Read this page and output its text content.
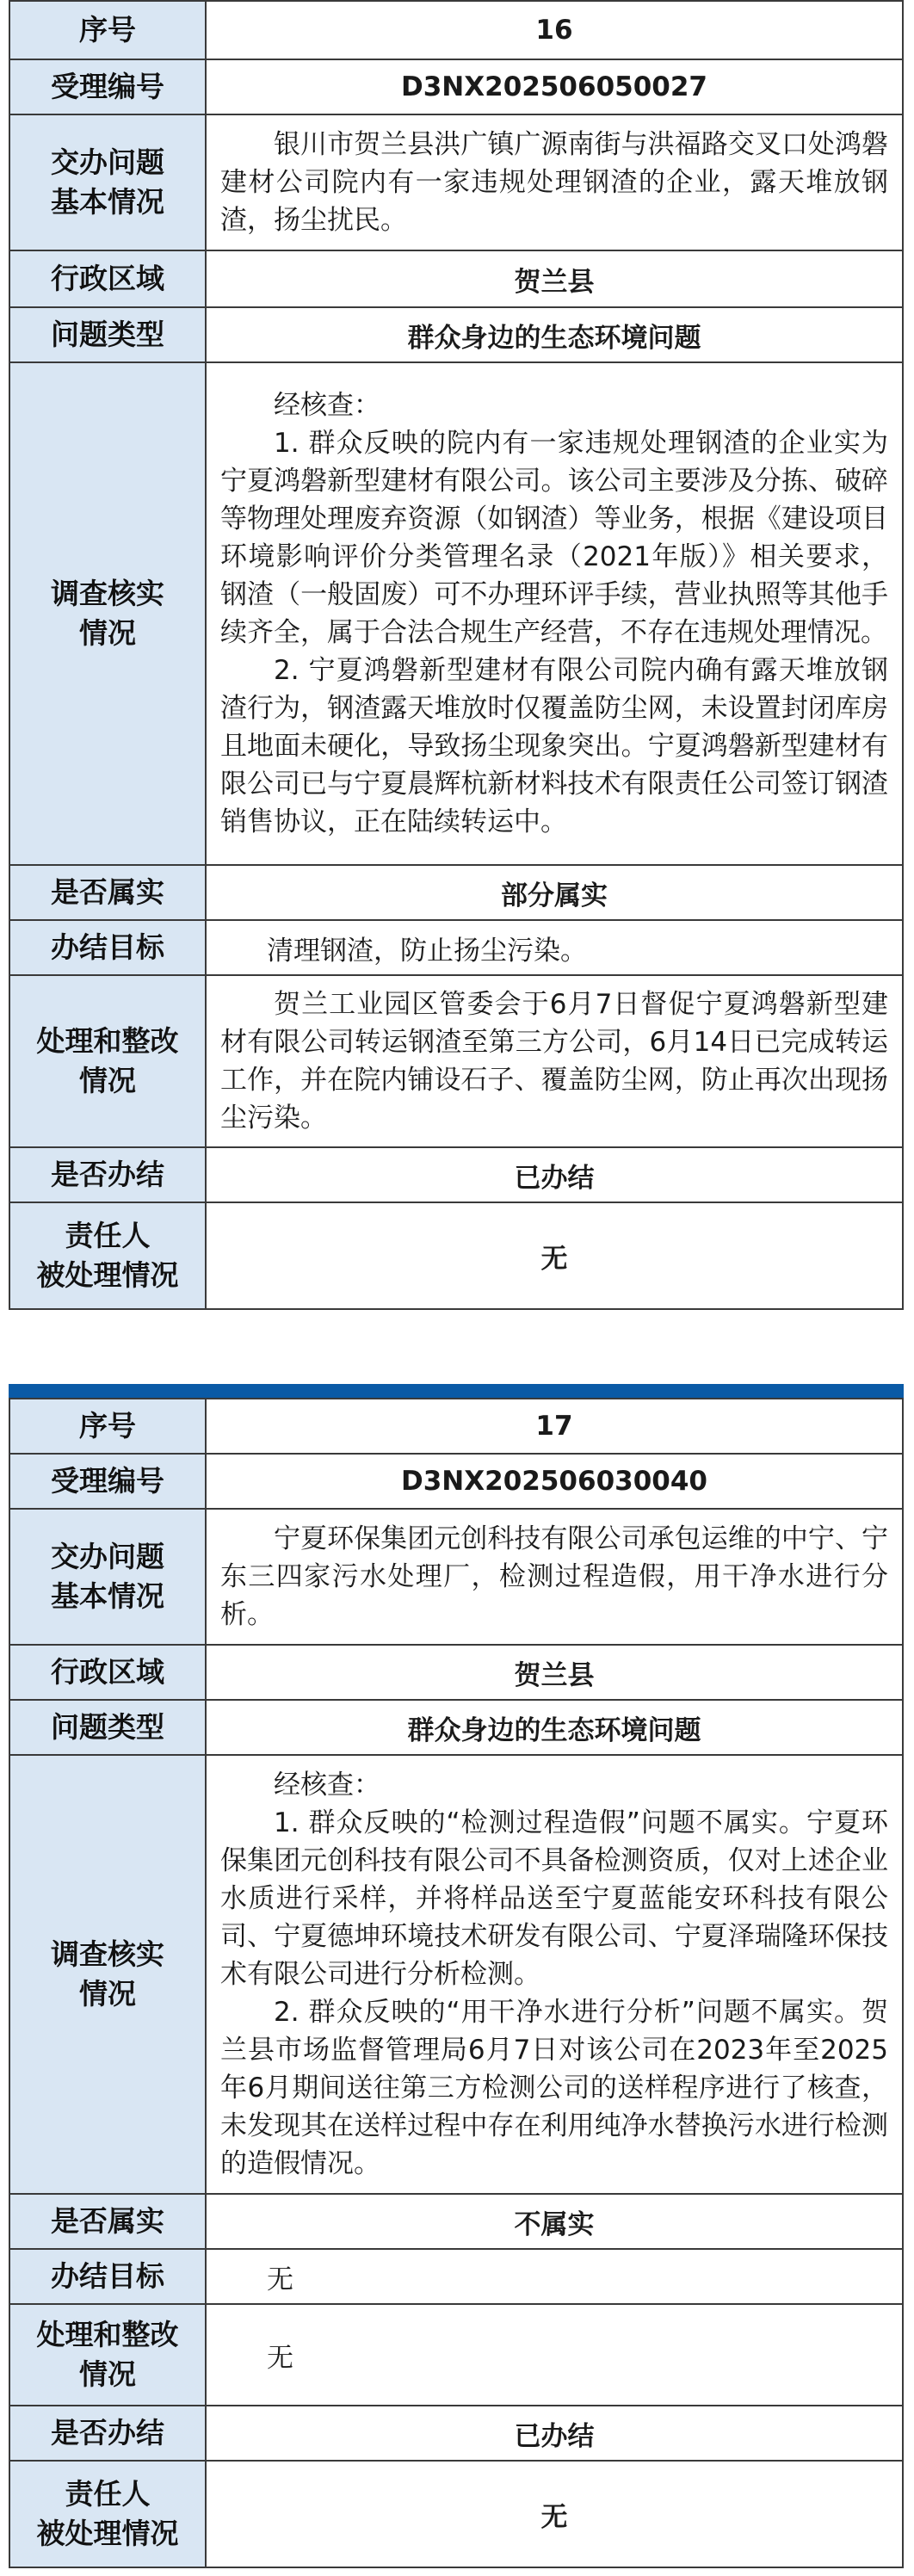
序号	16
受理编号	D3NX202506050027
交办问题基本情况	银川市贺兰县洪广镇广源南街与洪福路交叉口处鸿磐建材公司院内有一家违规处理钢渣的企业，露天堆放钢渣，扬尘扰民。

行政区域	贺兰县
问题类型	群众身边的生态环境问题
调查核实情况	经核查：

1. 群众反映的院内有一家违规处理钢渣的企业实为宁夏鸿磐新型建材有限公司。该公司主要涉及分拣、破碎等物理处理废弃资源（如钢渣）等业务，根据《建设项目环境影响评价分类管理名录（2021年版）》相关要求，钢渣（一般固废）可不办理环评手续，营业执照等其他手续齐全，属于合法合规生产经营，不存在违规处理情况。

2. 宁夏鸿磐新型建材有限公司院内确有露天堆放钢渣行为，钢渣露天堆放时仅覆盖防尘网，未设置封闭库房且地面未硬化，导致扬尘现象突出。宁夏鸿磐新型建材有限公司已与宁夏晨辉杭新材料技术有限责任公司签订钢渣销售协议，正在陆续转运中。

是否属实	部分属实
办结目标	清理钢渣，防止扬尘污染。
处理和整改情况	贺兰工业园区管委会于6月7日督促宁夏鸿磐新型建材有限公司转运钢渣至第三方公司，6月14日已完成转运工作，并在院内铺设石子、覆盖防尘网，防止再次出现扬尘污染。

是否办结	已办结

责任人
被处理情况	无
序号	17
受理编号	D3NX202506030040
交办问题基本情况	宁夏环保集团元创科技有限公司承包运维的中宁、宁东三四家污水处理厂，检测过程造假，用干净水进行分析。

行政区域	贺兰县
问题类型	群众身边的生态环境问题
调查核实情况	经核查：

1. 群众反映的“检测过程造假”问题不属实。宁夏环保集团元创科技有限公司不具备检测资质，仅对上述企业水质进行采样，并将样品送至宁夏蓝能安环科技有限公司、宁夏德坤环境技术研发有限公司、宁夏泽瑞隆环保技术有限公司进行分析检测。

2. 群众反映的“用干净水进行分析”问题不属实。贺兰县市场监督管理局6月7日对该公司在2023年至2025年6月期间送往第三方检测公司的送样程序进行了核查，未发现其在送样过程中存在利用纯净水替换污水进行检测的造假情况。

是否属实	不属实
办结目标	无
处理和整改情况	无
是否办结	已办结

责任人
被处理情况	无
